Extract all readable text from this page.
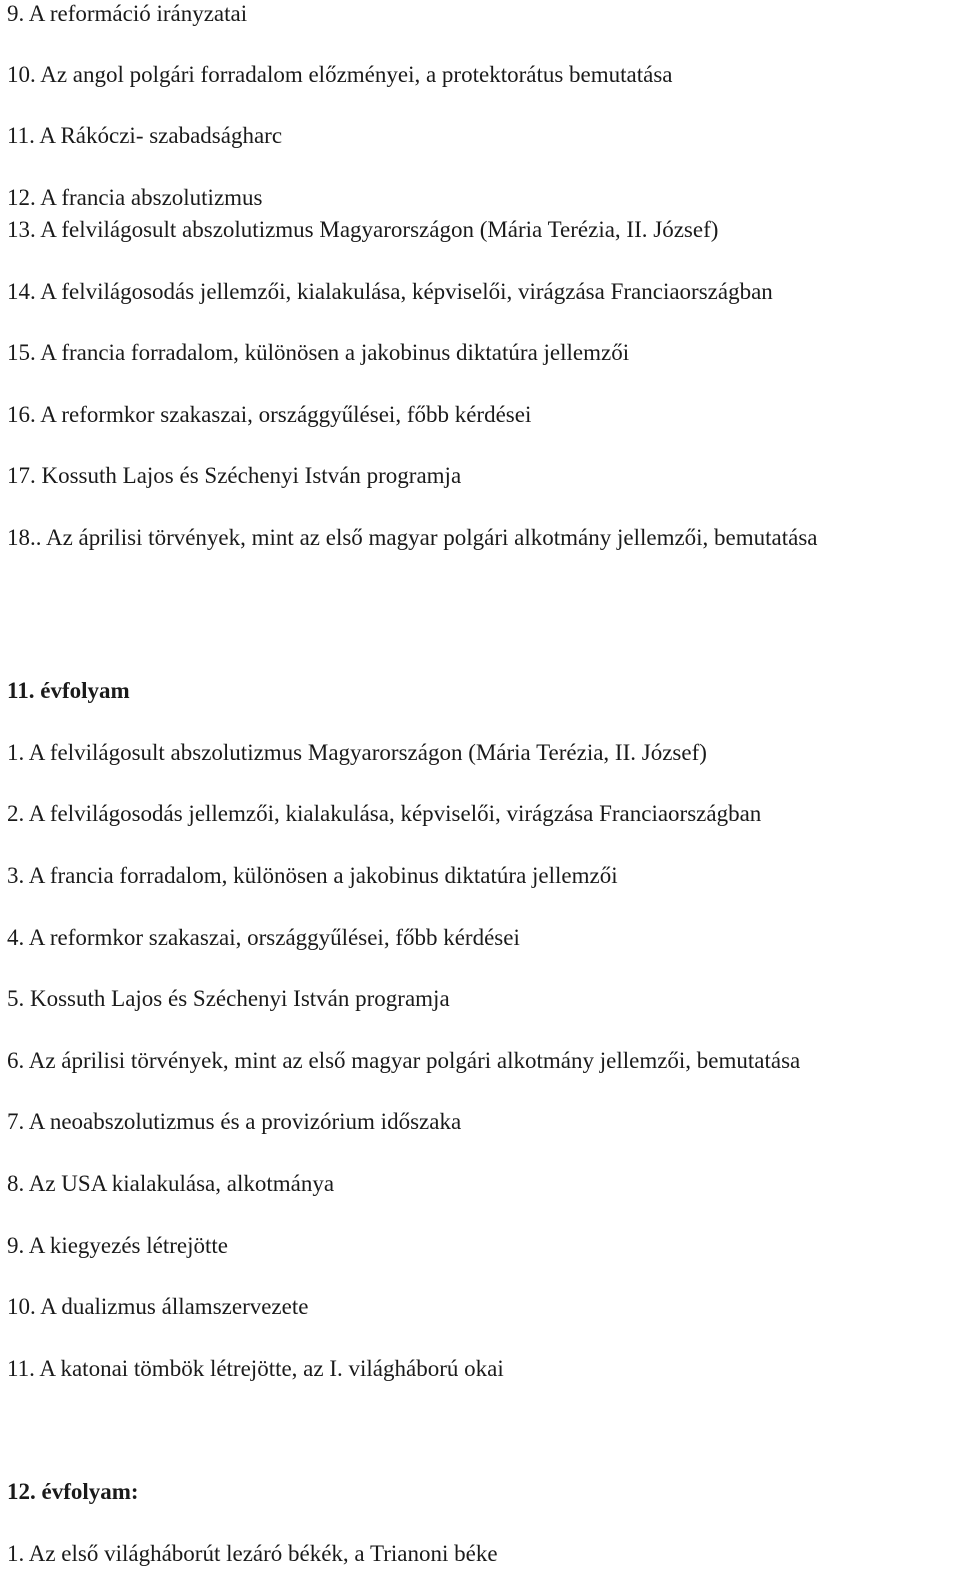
9. A reformáció irányzatai

10. Az angol polgári forradalom előzményei, a protektorátus bemutatása

11. A Rákóczi- szabadságharc

12. A francia abszolutizmus

13. A felvilágosult abszolutizmus Magyarországon (Mária Terézia, II. József)

14. A felvilágosodás jellemzői, kialakulása, képviselői, virágzása Franciaországban

15. A francia forradalom, különösen a jakobinus diktatúra jellemzői

16. A reformkor szakaszai, országgyűlései, főbb kérdései

17. Kossuth Lajos és Széchenyi István programja

18.. Az áprilisi törvények, mint az első magyar polgári alkotmány jellemzői, bemutatása

11. évfolyam

1. A felvilágosult abszolutizmus Magyarországon (Mária Terézia, II. József)

2. A felvilágosodás jellemzői, kialakulása, képviselői, virágzása Franciaországban

3. A francia forradalom, különösen a jakobinus diktatúra jellemzői

4. A reformkor szakaszai, országgyűlései, főbb kérdései

5. Kossuth Lajos és Széchenyi István programja

6. Az áprilisi törvények, mint az első magyar polgári alkotmány jellemzői, bemutatása

7. A neoabszolutizmus és a provizórium időszaka

8. Az USA kialakulása, alkotmánya

9. A kiegyezés létrejötte

10. A dualizmus államszervezete

11. A katonai tömbök létrejötte, az I. világháború okai

12. évfolyam:

1. Az első világháborút lezáró békék, a Trianoni béke
